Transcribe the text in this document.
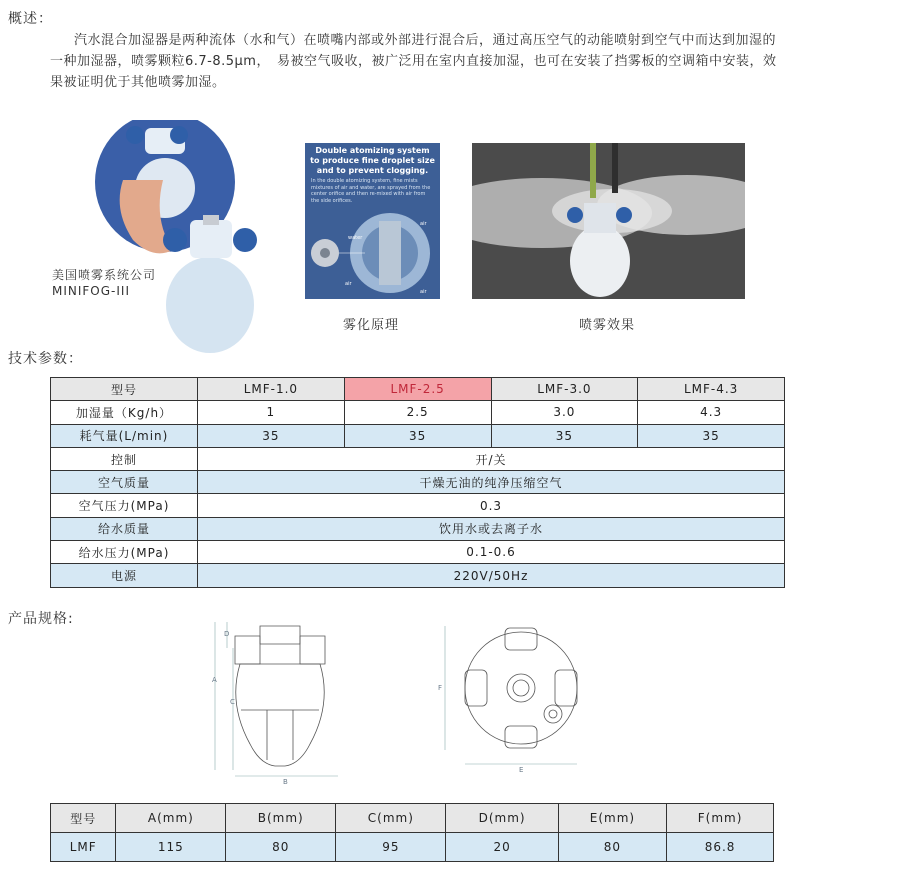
概述：
汽水混合加湿器是两种流体（水和气）在喷嘴内部或外部进行混合后，通过高压空气的动能喷射到空气中而达到加湿的一种加湿器，喷雾颗粒6.7-8.5μm，　易被空气吸收，被广泛用在室内直接加湿，也可在安装了挡雾板的空调箱中安装，效果被证明优于其他喷雾加湿。
美国喷雾系统公司
MINIFOG-III
Double atomizing system to produce fine droplet size and to prevent clogging.
In the double atomizing system, fine mists mixtures of air and water, are sprayed from the center orifice and then re-mixed with air from the side orifices.
water
air
air
air
雾化原理	喷雾效果
技术参数：
型号	LMF-1.0	LMF-2.5	LMF-3.0	LMF-4.3
加湿量（Kg/h）	1	2.5	3.0	4.3
耗气量(L/min)	35	35	35	35
控制	开/关			
空气质量	干燥无油的纯净压缩空气			
空气压力(MPa)	0.3			
给水质量	饮用水或去离子水			
给水压力(MPa)	0.1-0.6			
电源	220V/50Hz			
产品规格:
A
B
C
D
F
E
型号	A(mm)	B(mm)	C(mm)	D(mm)	E(mm)	F(mm)
LMF	115	80	95	20	80	86.8
